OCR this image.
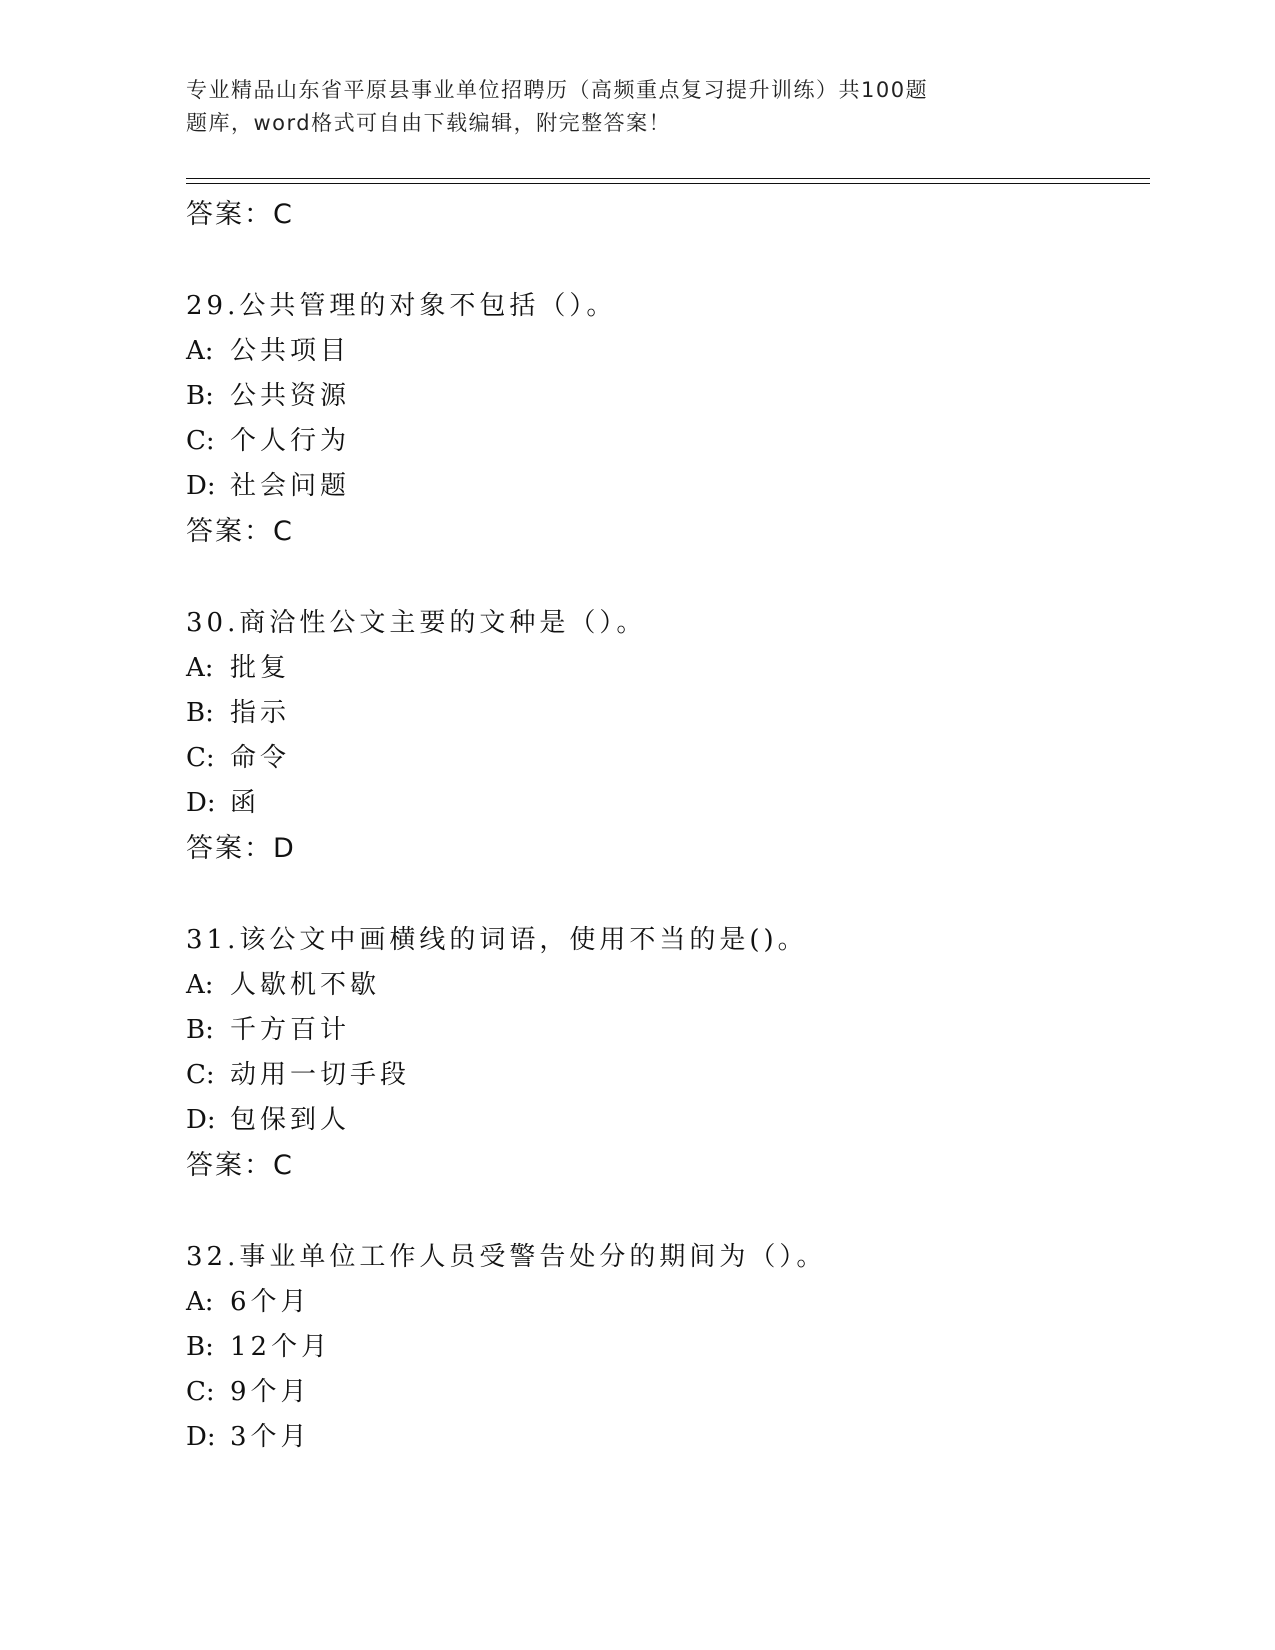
专业精品山东省平原县事业单位招聘历（高频重点复习提升训练）共100题
题库，word格式可自由下载编辑，附完整答案！
答案：C
29.公共管理的对象不包括（）。
A: 公共项目
B: 公共资源
C: 个人行为
D: 社会问题
答案：C
30.商洽性公文主要的文种是（）。
A: 批复
B: 指示
C: 命令
D: 函
答案：D
31.该公文中画横线的词语，使用不当的是()。
A: 人歇机不歇
B: 千方百计
C: 动用一切手段
D: 包保到人
答案：C
32.事业单位工作人员受警告处分的期间为（）。
A: 6个月
B: 12个月
C: 9个月
D: 3个月
